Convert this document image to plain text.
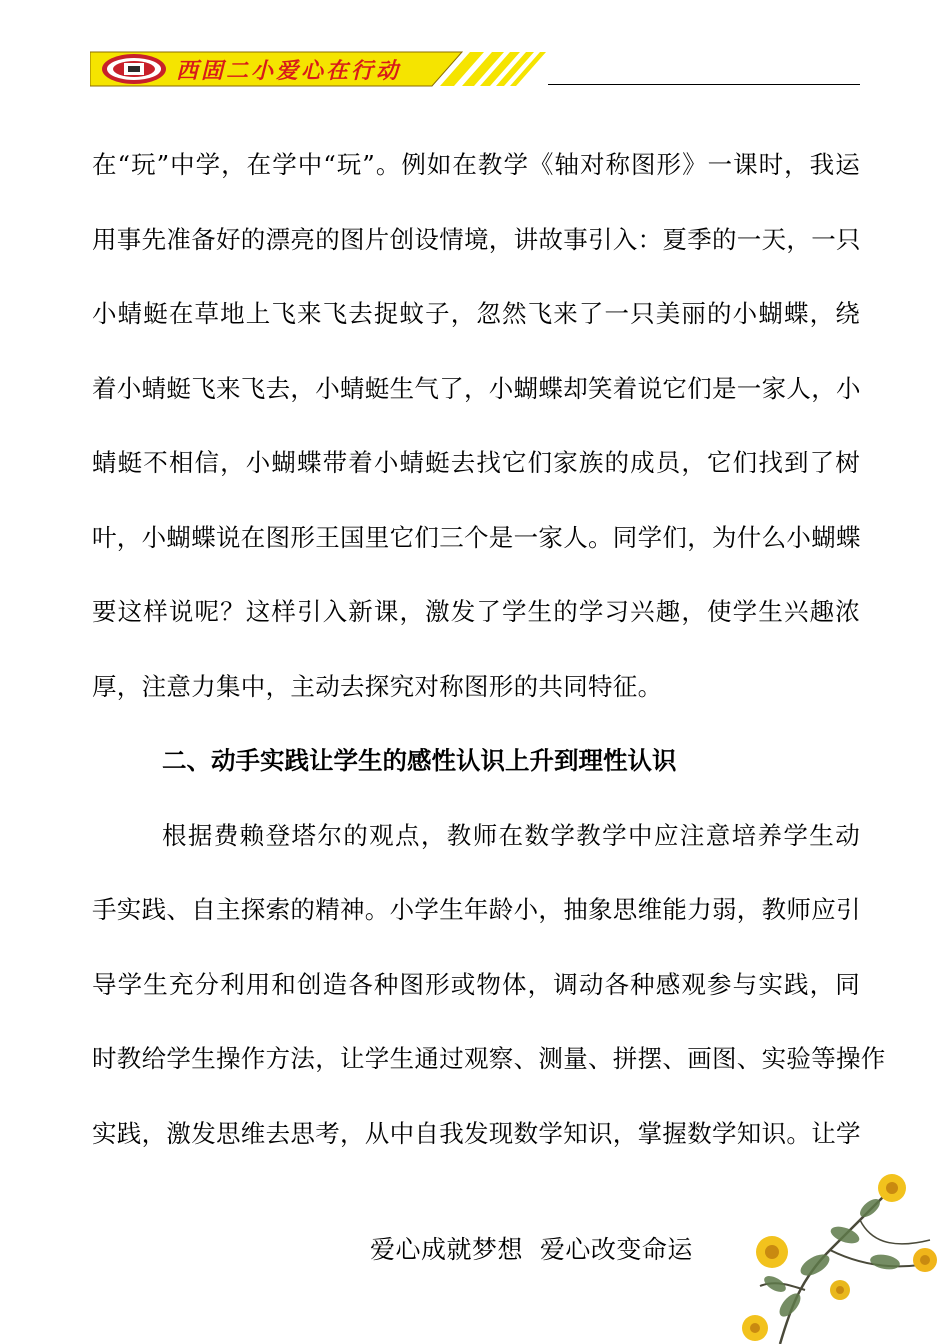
西固二小爱心在行动
在“玩”中学，在学中“玩”。例如在教学《轴对称图形》一课时，我运
用事先准备好的漂亮的图片创设情境，讲故事引入：夏季的一天，一只
小蜻蜓在草地上飞来飞去捉蚊子，忽然飞来了一只美丽的小蝴蝶，绕
着小蜻蜓飞来飞去，小蜻蜓生气了，小蝴蝶却笑着说它们是一家人，小
蜻蜓不相信，小蝴蝶带着小蜻蜓去找它们家族的成员，它们找到了树
叶，小蝴蝶说在图形王国里它们三个是一家人。同学们，为什么小蝴蝶
要这样说呢？这样引入新课，激发了学生的学习兴趣，使学生兴趣浓
厚，注意力集中，主动去探究对称图形的共同特征。
二、动手实践让学生的感性认识上升到理性认识
根据费赖登塔尔的观点，教师在数学教学中应注意培养学生动
手实践、自主探索的精神。小学生年龄小，抽象思维能力弱，教师应引
导学生充分利用和创造各种图形或物体，调动各种感观参与实践，同
时教给学生操作方法，让学生通过观察、测量、拼摆、画图、实验等操作
实践，激发思维去思考，从中自我发现数学知识，掌握数学知识。让学
爱心成就梦想  爱心改变命运
